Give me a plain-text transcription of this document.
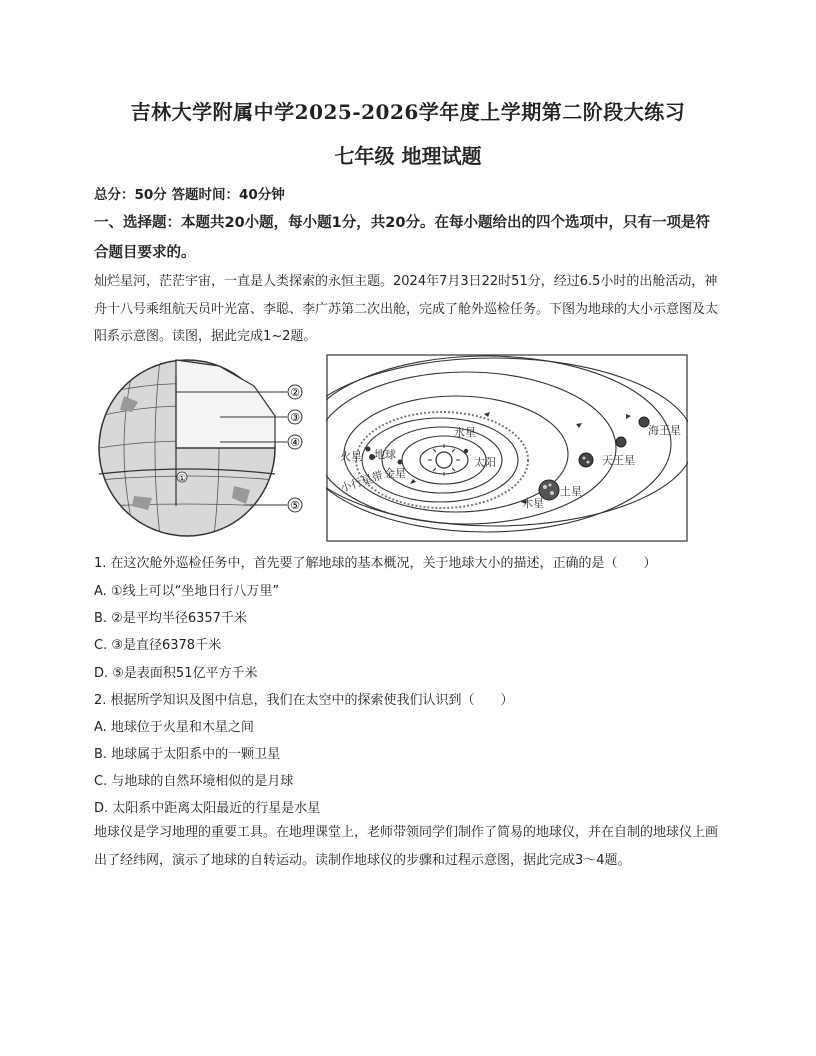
吉林大学附属中学2025-2026学年度上学期第二阶段大练习
七年级 地理试题
总分：50分 答题时间：40分钟
一、选择题：本题共20小题，每小题1分，共20分。在每小题给出的四个选项中，只有一项是符合题目要求的。
灿烂星河，茫茫宇宙，一直是人类探索的永恒主题。2024年7月3日22时51分，经过6.5小时的出舱活动，神舟十八号乘组航天员叶光富、李聪、李广苏第二次出舱，完成了舱外巡检任务。下图为地球的大小示意图及太阳系示意图。读图，据此完成1~2题。
①
②
③
④
⑤
水星
太阳
金星
地球
火星
小行星带
木星
土星
天王星
海王星
1. 在这次舱外巡检任务中，首先要了解地球的基本概况，关于地球大小的描述，正确的是（　　）
A. ①线上可以“坐地日行八万里”
B. ②是平均半径6357千米
C. ③是直径6378千米
D. ⑤是表面积51亿平方千米
2. 根据所学知识及图中信息，我们在太空中的探索使我们认识到（　　）
A. 地球位于火星和木星之间
B. 地球属于太阳系中的一颗卫星
C. 与地球的自然环境相似的是月球
D. 太阳系中距离太阳最近的行星是水星
地球仪是学习地理的重要工具。在地理课堂上，老师带领同学们制作了简易的地球仪，并在自制的地球仪上画出了经纬网，演示了地球的自转运动。读制作地球仪的步骤和过程示意图，据此完成3～4题。
